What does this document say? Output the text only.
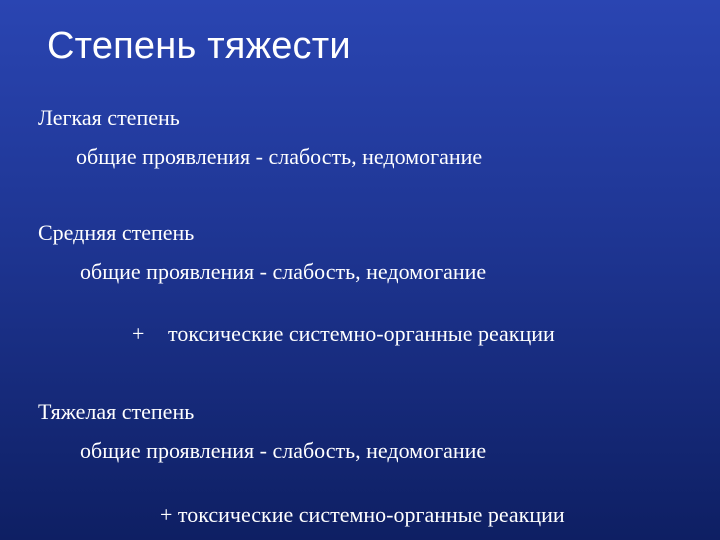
Степень тяжести
Легкая степень
общие проявления - слабость, недомогание
Средняя степень
общие проявления - слабость, недомогание
+ токсические системно-органные реакции
Тяжелая степень
общие проявления - слабость, недомогание
+ токсические системно-органные реакции
